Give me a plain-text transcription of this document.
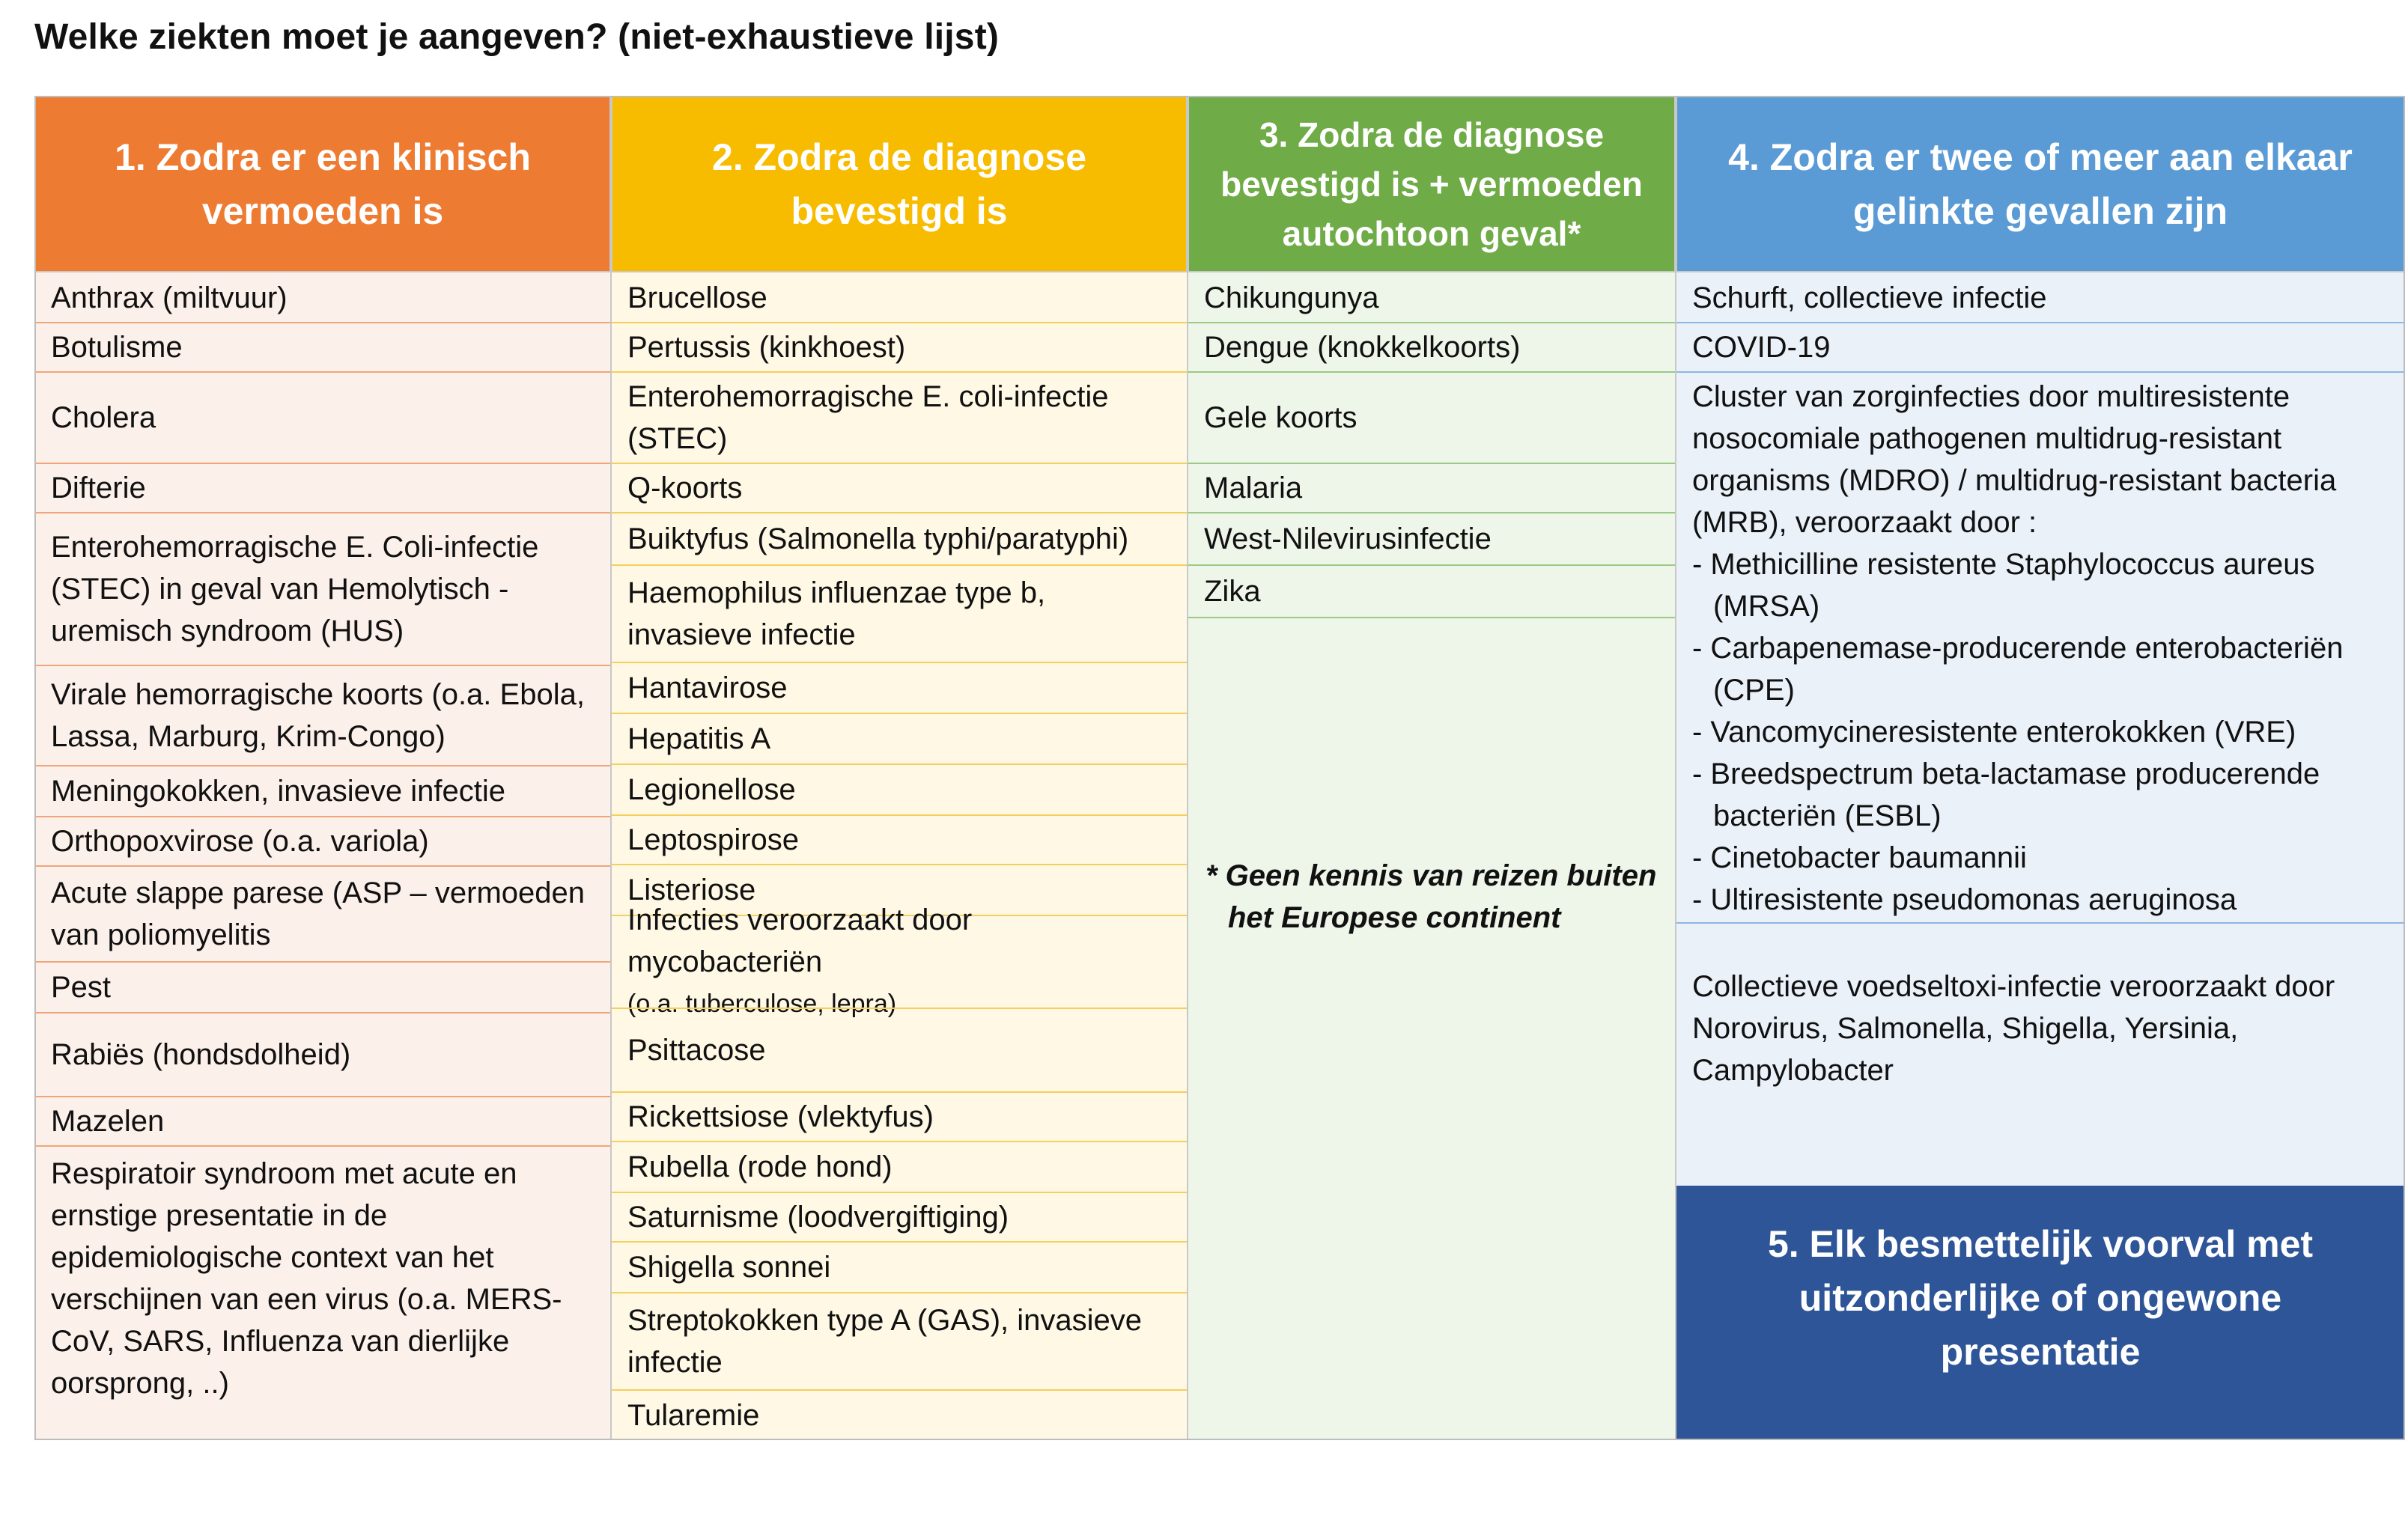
Welke ziekten moet je aangeven? (niet-exhaustieve lijst)
1. Zodra er een klinisch vermoeden is
Anthrax (miltvuur)
Botulisme
Cholera
Difterie
Enterohemorragische E. Coli-infectie (STEC) in geval van Hemolytisch -uremisch syndroom (HUS)
Virale hemorragische koorts (o.a. Ebola, Lassa, Marburg, Krim-Congo)
Meningokokken, invasieve infectie
Orthopoxvirose (o.a. variola)
Acute slappe parese (ASP – vermoeden van poliomyelitis
Pest
Rabiës (hondsdolheid)
Mazelen
Respiratoir syndroom met acute en ernstige presentatie in de epidemiologische context van het verschijnen van een virus (o.a. MERS-CoV, SARS, Influenza van dierlijke oorsprong, ..)
2. Zodra de diagnose bevestigd is
Brucellose
Pertussis (kinkhoest)
Enterohemorragische E. coli-infectie (STEC)
Q-koorts
Buiktyfus (Salmonella typhi/paratyphi)
Haemophilus influenzae type b, invasieve infectie
Hantavirose
Hepatitis A
Legionellose
Leptospirose
Listeriose
Infecties veroorzaakt door mycobacteriën
(o.a. tuberculose, lepra)
Psittacose
Rickettsiose (vlektyfus)
Rubella (rode hond)
Saturnisme (loodvergiftiging)
Shigella sonnei
Streptokokken type A (GAS), invasieve infectie
Tularemie
3. Zodra de diagnose bevestigd is + vermoeden autochtoon geval*
Chikungunya
Dengue (knokkelkoorts)
Gele koorts
Malaria
West-Nilevirusinfectie
Zika
* Geen kennis van reizen buiten
het Europese continent
4. Zodra er twee of meer aan elkaar gelinkte gevallen zijn
Schurft, collectieve infectie
COVID-19
Cluster van zorginfecties door multiresistente nosocomiale pathogenen multidrug-resistant organisms (MDRO) / multidrug-resistant bacteria (MRB), veroorzaakt door :
- Methicilline resistente Staphylococcus aureus (MRSA)
- Carbapenemase-producerende enterobacteriën (CPE)
- Vancomycineresistente enterokokken (VRE)
- Breedspectrum beta-lactamase producerende bacteriën (ESBL)
- Cinetobacter baumannii
- Ultiresistente pseudomonas aeruginosa
Collectieve voedseltoxi-infectie veroorzaakt door Norovirus, Salmonella, Shigella, Yersinia, Campylobacter
5. Elk besmettelijk voorval met uitzonderlijke of ongewone presentatie
